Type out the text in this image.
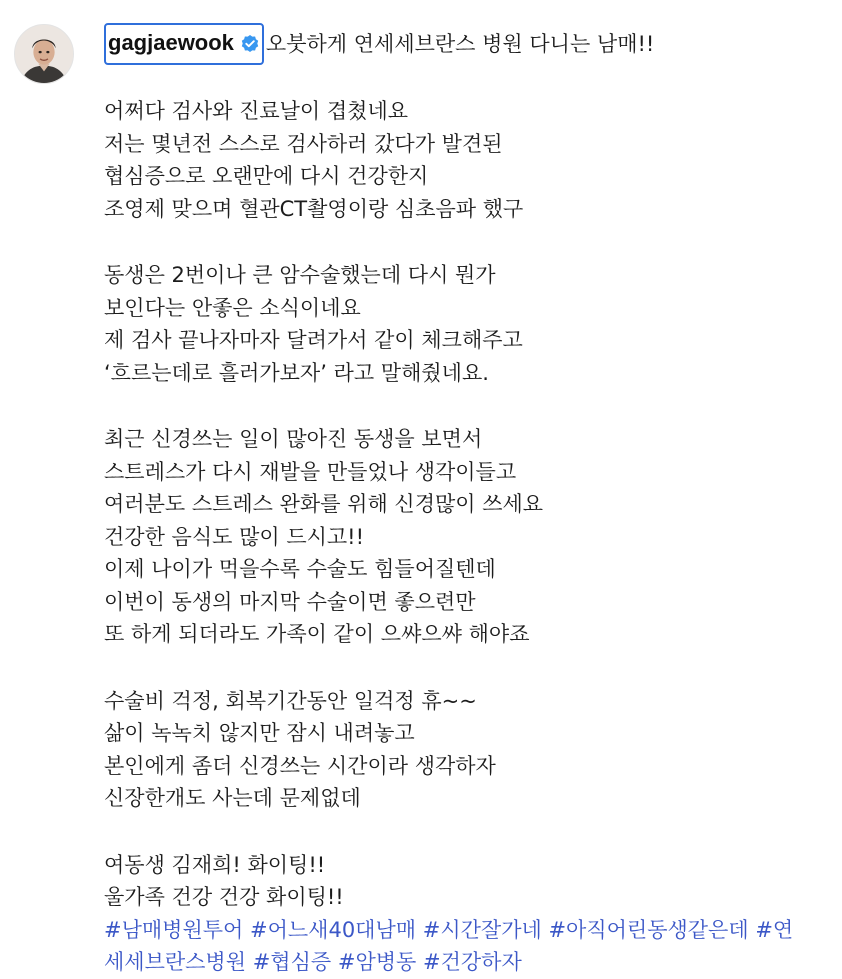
gagjaewook 오붓하게 연세세브란스 병원 다니는 남매!!
어쩌다 검사와 진료날이 겹쳤네요
저는 몇년전 스스로 검사하러 갔다가 발견된
협심증으로 오랜만에 다시 건강한지
조영제 맞으며 혈관CT촬영이랑 심초음파 했구
동생은 2번이나 큰 암수술했는데 다시 뭔가
보인다는 안좋은 소식이네요
제 검사 끝나자마자 달려가서 같이 체크해주고
‘흐르는데로 흘러가보자’ 라고 말해줬네요.
최근 신경쓰는 일이 많아진 동생을 보면서
스트레스가 다시 재발을 만들었나 생각이들고
여러분도 스트레스 완화를 위해 신경많이 쓰세요
건강한 음식도 많이 드시고!!
이제 나이가 먹을수록 수술도 힘들어질텐데
이번이 동생의 마지막 수술이면 좋으련만
또 하게 되더라도 가족이 같이 으쌰으쌰 해야죠
수술비 걱정, 회복기간동안 일걱정 휴~~
삶이 녹녹치 않지만 잠시 내려놓고
본인에게 좀더 신경쓰는 시간이라 생각하자
신장한개도 사는데 문제없데
여동생 김재희! 화이팅!!
울가족 건강 건강 화이팅!!
#남매병원투어 #어느새40대남매 #시간잘가네 #아직어린동생같은데 #연
세세브란스병원 #협심증 #암병동 #건강하자
